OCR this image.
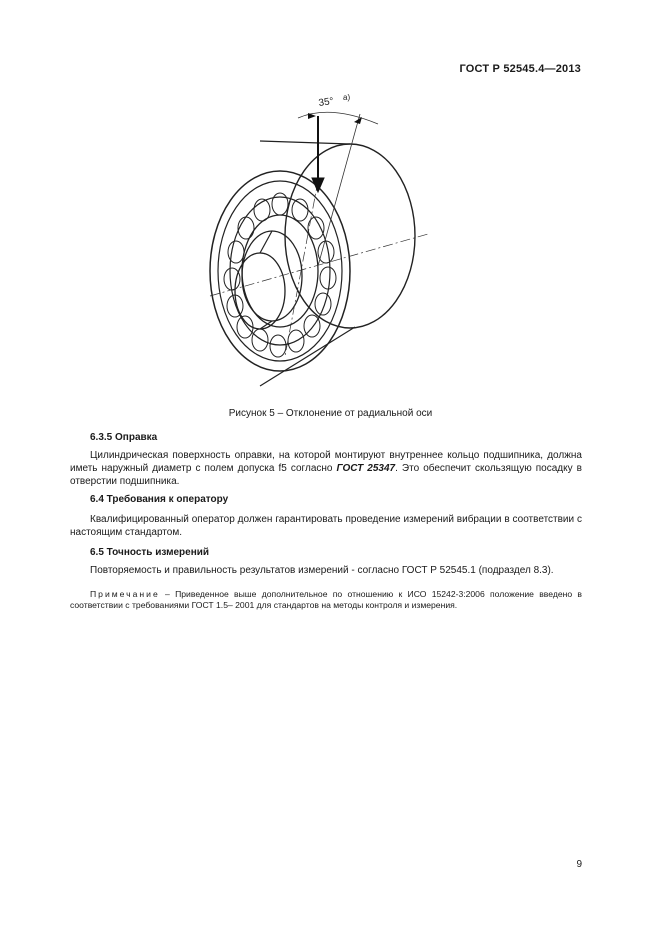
ГОСТ Р 52545.4—2013
35° a)
Рисунок 5 – Отклонение от радиальной оси
6.3.5 Оправка
Цилиндрическая поверхность оправки, на которой монтируют внутреннее кольцо подшипника, должна иметь наружный диаметр с полем допуска f5 согласно ГОСТ 25347. Это обеспечит скользящую посадку в отверстии подшипника.
6.4 Требования к оператору
Квалифицированный оператор должен гарантировать проведение измерений вибрации в соответствии с настоящим стандартом.
6.5 Точность измерений
Повторяемость и правильность результатов измерений - согласно ГОСТ Р 52545.1 (подраздел 8.3).
Примечание – Приведенное выше дополнительное по отношению к ИСО 15242-3:2006 положение введено в соответствии с требованиями ГОСТ 1.5– 2001 для стандартов на методы контроля и измерения.
9
